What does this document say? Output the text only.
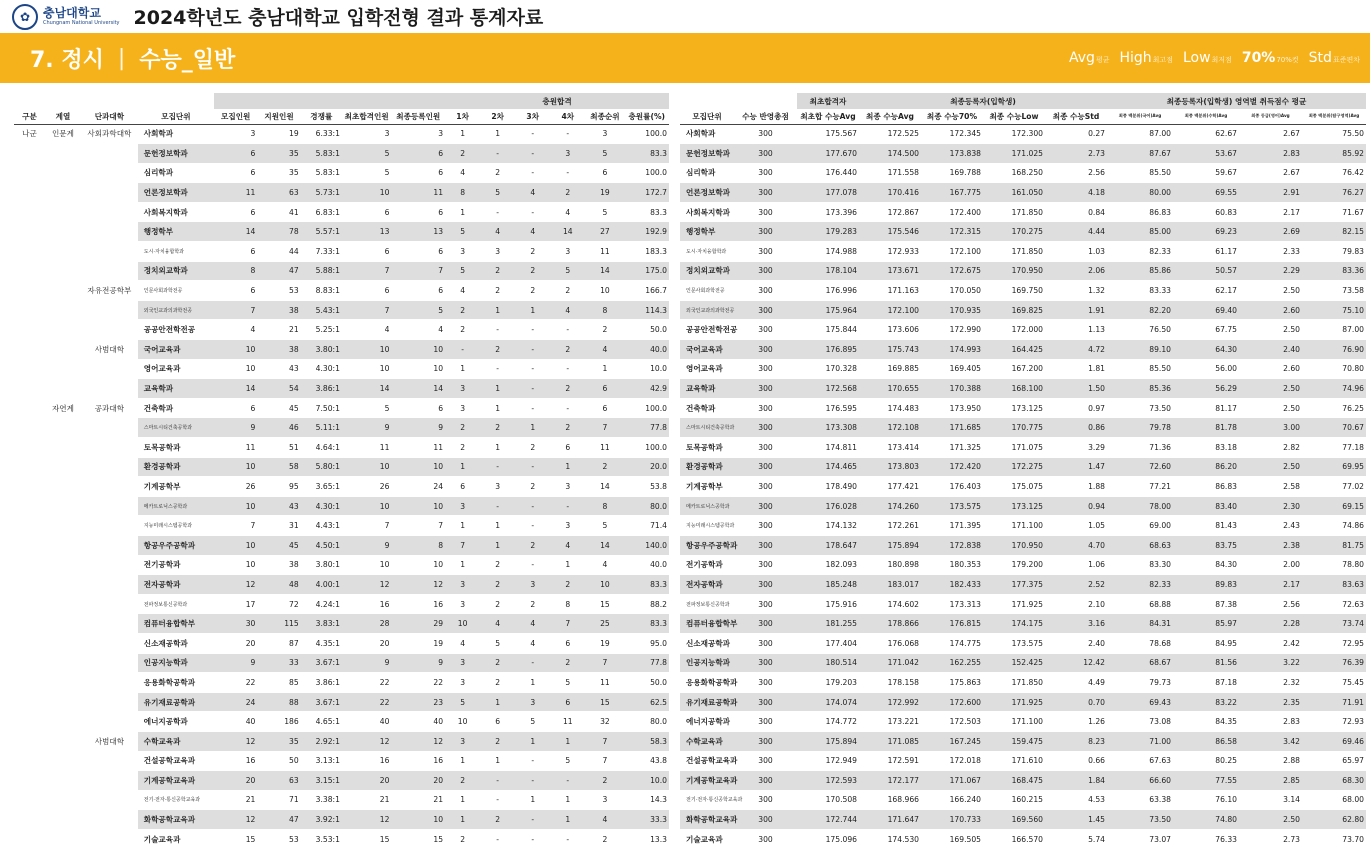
✿	충남대학교
Chungnam National University 2024학년도 충남대학교 입학전형 결과 통계자료
7. 정시 | 수능_일반	Avg 평균 High 최고점 Low 최저점 70% 70%컷 Std 표준편차
									충원합격					
구분	계열	단과대학	모집단위	모집인원	지원인원	경쟁률	최초합격인원	최종등록인원	1차	2차	3차	4차	최종순위	충원률(%)
나군	인문계	사회과학대학	사회학과	3	19	6.33:1	3	3	1	1	-	-	3	100.0
			문헌정보학과	6	35	5.83:1	5	6	2	-	-	3	5	83.3
			심리학과	6	35	5.83:1	5	6	4	2	-	-	6	100.0
			언론정보학과	11	63	5.73:1	10	11	8	5	4	2	19	172.7
			사회복지학과	6	41	6.83:1	6	6	1	-	-	4	5	83.3
			행정학부	14	78	5.57:1	13	13	5	4	4	14	27	192.9
			도시·자치융합학과	6	44	7.33:1	6	6	3	3	2	3	11	183.3
			정치외교학과	8	47	5.88:1	7	7	5	2	2	5	14	175.0
		자유전공학부	인문사회과학전공	6	53	8.83:1	6	6	4	2	2	2	10	166.7
			외국인교과의과학전공	7	38	5.43:1	7	5	2	1	1	4	8	114.3
			공공안전학전공	4	21	5.25:1	4	4	2	-	-	-	2	50.0
		사범대학	국어교육과	10	38	3.80:1	10	10	-	2	-	2	4	40.0
			영어교육과	10	43	4.30:1	10	10	1	-	-	-	1	10.0
			교육학과	14	54	3.86:1	14	14	3	1	-	2	6	42.9
	자연계	공과대학	건축학과	6	45	7.50:1	5	6	3	1	-	-	6	100.0
			스마트시티건축공학과	9	46	5.11:1	9	9	2	2	1	2	7	77.8
			토목공학과	11	51	4.64:1	11	11	2	1	2	6	11	100.0
			환경공학과	10	58	5.80:1	10	10	1	-	-	1	2	20.0
			기계공학부	26	95	3.65:1	26	24	6	3	2	3	14	53.8
			메카트로닉스공학과	10	43	4.30:1	10	10	3	-	-	-	8	80.0
			지능미래시스템공학과	7	31	4.43:1	7	7	1	1	-	3	5	71.4
			항공우주공학과	10	45	4.50:1	9	8	7	1	2	4	14	140.0
			전기공학과	10	38	3.80:1	10	10	1	2	-	1	4	40.0
			전자공학과	12	48	4.00:1	12	12	3	2	3	2	10	83.3
			전파정보통신공학과	17	72	4.24:1	16	16	3	2	2	8	15	88.2
			컴퓨터융합학부	30	115	3.83:1	28	29	10	4	4	7	25	83.3
			신소재공학과	20	87	4.35:1	20	19	4	5	4	6	19	95.0
			인공지능학과	9	33	3.67:1	9	9	3	2	-	2	7	77.8
			응용화학공학과	22	85	3.86:1	22	22	3	2	1	5	11	50.0
			유기재료공학과	24	88	3.67:1	22	23	5	1	3	6	15	62.5
			에너지공학과	40	186	4.65:1	40	40	10	6	5	11	32	80.0
		사범대학	수학교육과	12	35	2.92:1	12	12	3	2	1	1	7	58.3
			건설공학교육과	16	50	3.13:1	16	16	1	1	-	5	7	43.8
			기계공학교육과	20	63	3.15:1	20	20	2	-	-	-	2	10.0
			전기·전자·통신공학교육과	21	71	3.38:1	21	21	1	-	1	1	3	14.3
			화학공학교육과	12	47	3.92:1	12	10	1	2	-	1	4	33.3
			기술교육과	15	53	3.53:1	15	15	2	-	-	-	2	13.3
		최초합격자	최종등록자(입학생)				최종등록자(입학생) 영역별 취득점수 평균			
모집단위	수능 반영총점	최초합 수능Avg	최종 수능Avg	최종 수능70%	최종 수능Low	최종 수능Std	최종 백분위(국어)Avg	최종 백분위(수학)Avg	최종 등급(영어)Avg	최종 백분위(탐구영역)Avg
사회학과	300	175.567	172.525	172.345	172.300	0.27	87.00	62.67	2.67	75.50
문헌정보학과	300	177.670	174.500	173.838	171.025	2.73	87.67	53.67	2.83	85.92
심리학과	300	176.440	171.558	169.788	168.250	2.56	85.50	59.67	2.67	76.42
언론정보학과	300	177.078	170.416	167.775	161.050	4.18	80.00	69.55	2.91	76.27
사회복지학과	300	173.396	172.867	172.400	171.850	0.84	86.83	60.83	2.17	71.67
행정학부	300	179.283	175.546	172.315	170.275	4.44	85.00	69.23	2.69	82.15
도시·자치융합학과	300	174.988	172.933	172.100	171.850	1.03	82.33	61.17	2.33	79.83
정치외교학과	300	178.104	173.671	172.675	170.950	2.06	85.86	50.57	2.29	83.36
인문사회과학전공	300	176.996	171.163	170.050	169.750	1.32	83.33	62.17	2.50	73.58
외국인교과의과학전공	300	175.964	172.100	170.935	169.825	1.91	82.20	69.40	2.60	75.10
공공안전학전공	300	175.844	173.606	172.990	172.000	1.13	76.50	67.75	2.50	87.00
국어교육과	300	176.895	175.743	174.993	164.425	4.72	89.10	64.30	2.40	76.90
영어교육과	300	170.328	169.885	169.405	167.200	1.81	85.50	56.00	2.60	70.80
교육학과	300	172.568	170.655	170.388	168.100	1.50	85.36	56.29	2.50	74.96
건축학과	300	176.595	174.483	173.950	173.125	0.97	73.50	81.17	2.50	76.25
스마트시티건축공학과	300	173.308	172.108	171.685	170.775	0.86	79.78	81.78	3.00	70.67
토목공학과	300	174.811	173.414	171.325	171.075	3.29	71.36	83.18	2.82	77.18
환경공학과	300	174.465	173.803	172.420	172.275	1.47	72.60	86.20	2.50	69.95
기계공학부	300	178.490	177.421	176.403	175.075	1.88	77.21	86.83	2.58	77.02
메카트로닉스공학과	300	176.028	174.260	173.575	173.125	0.94	78.00	83.40	2.30	69.15
지능미래시스템공학과	300	174.132	172.261	171.395	171.100	1.05	69.00	81.43	2.43	74.86
항공우주공학과	300	178.647	175.894	172.838	170.950	4.70	68.63	83.75	2.38	81.75
전기공학과	300	182.093	180.898	180.353	179.200	1.06	83.30	84.30	2.00	78.80
전자공학과	300	185.248	183.017	182.433	177.375	2.52	82.33	89.83	2.17	83.63
전파정보통신공학과	300	175.916	174.602	173.313	171.925	2.10	68.88	87.38	2.56	72.63
컴퓨터융합학부	300	181.255	178.866	176.815	174.175	3.16	84.31	85.97	2.28	73.74
신소재공학과	300	177.404	176.068	174.775	173.575	2.40	78.68	84.95	2.42	72.95
인공지능학과	300	180.514	171.042	162.255	152.425	12.42	68.67	81.56	3.22	76.39
응용화학공학과	300	179.203	178.158	175.863	171.850	4.49	79.73	87.18	2.32	75.45
유기재료공학과	300	174.074	172.992	172.600	171.925	0.70	69.43	83.22	2.35	71.91
에너지공학과	300	174.772	173.221	172.503	171.100	1.26	73.08	84.35	2.83	72.93
수학교육과	300	175.894	171.085	167.245	159.475	8.23	71.00	86.58	3.42	69.46
건설공학교육과	300	172.949	172.591	172.018	171.610	0.66	67.63	80.25	2.88	65.97
기계공학교육과	300	172.593	172.177	171.067	168.475	1.84	66.60	77.55	2.85	68.30
전기·전자·통신공학교육과	300	170.508	168.966	166.240	160.215	4.53	63.38	76.10	3.14	68.00
화학공학교육과	300	172.744	171.647	170.733	169.560	1.45	73.50	74.80	2.50	62.80
기술교육과	300	175.096	174.530	169.505	166.570	5.74	73.07	76.33	2.73	73.70
